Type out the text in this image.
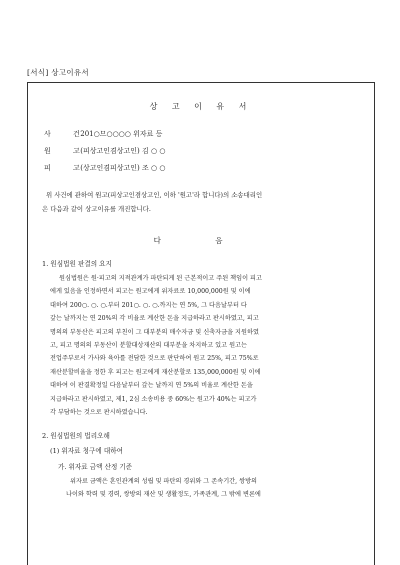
[서식] 상고이유서
상 고 이 유 서
사 건 201○므○○○○ 위자료 등
원 고 (피상고인겸상고인) 김 ○ ○
피 고 (상고인겸피상고인) 조 ○ ○
위 사건에 관하여 원고(피상고인겸상고인, 이하 '원고'라 합니다)의 소송대리인
은 다음과 같이 상고이유를 개진합니다.
다 음
1. 원심법원 판결의 요지
원심법원은 원·피고의 지적관계가 파탄되게 된 근본적이고 주된 책임이 피고
에게 있음을 인정하면서 피고는 원고에게 위자료로 10,000,000원 및 이에
대하여 200○. ○. ○.부터 201○. ○. ○.까지는 연 5%, 그 다음날부터 다
갚는 날까지는 연 20%의 각 비율로 계산한 돈을 지급하라고 판시하였고, 피고
명의의 부동산은 피고의 부친이 그 대부분의 매수자금 및 신축자금을 지원하였
고, 피고 명의의 부동산이 분할대상재산의 대부분을 차지하고 있고 원고는
전업주부로서 가사와 육아를 전담한 것으로 판단하여 원고 25%, 피고 75%로
재산분할비율을 정한 후 피고는 원고에게 재산분할로 135,000,000원 및 이에
대하여 이 판결확정일 다음날부터 갚는 날까지 연 5%의 비율로 계산한 돈을
지급하라고 판시하였고, 제1, 2심 소송비용 중 60%는 원고가 40%는 피고가
각 부담하는 것으로 판시하였습니다.
2. 원심법원의 법리오해
(1) 위자료 청구에 대하여
가. 위자료 금액 산정 기준
위자료 금액은 혼인관계의 성립 및 파탄의 경위와 그 존속기간, 쌍방의
나이와 학력 및 경력, 쌍방의 재산 및 생활정도, 가족관계, 그 밖에 변론에
